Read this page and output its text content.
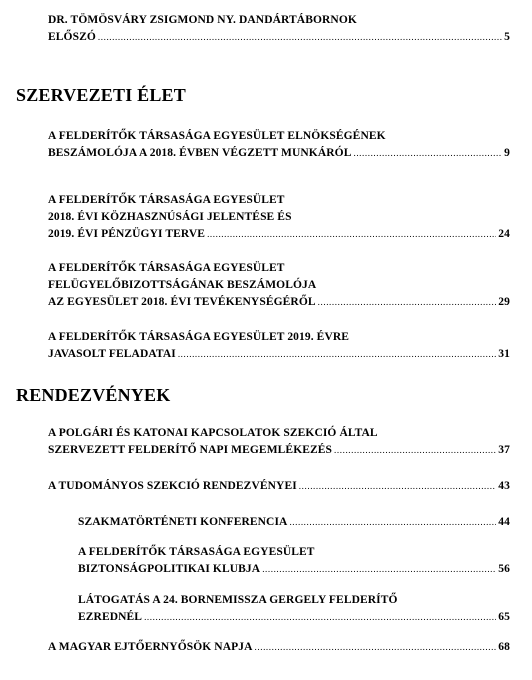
DR. TÖMÖSVÁRY ZSIGMOND NY. DANDÁRTÁBORNOK
ELŐSZÓ .....	5
SZERVEZETI ÉLET
A FELDERÍTŐK TÁRSASÁGA EGYESÜLET ELNÖKSÉGÉNEK
BESZÁMOLÓJA A 2018. ÉVBEN VÉGZETT MUNKÁRÓL .....	9
A FELDERÍTŐK TÁRSASÁGA EGYESÜLET
2018. ÉVI KÖZHASZNÚSÁGI JELENTÉSE ÉS
2019. ÉVI PÉNZÜGYI TERVE .....	24
A FELDERÍTŐK TÁRSASÁGA EGYESÜLET
FELÜGYELŐBIZOTTSÁGÁNAK BESZÁMOLÓJA
AZ EGYESÜLET 2018. ÉVI TEVÉKENYSÉGÉRŐL .....	29
A FELDERÍTŐK TÁRSASÁGA EGYESÜLET 2019. ÉVRE
JAVASOLT FELADATAI .....	31
RENDEZVÉNYEK
A POLGÁRI ÉS KATONAI KAPCSOLATOK SZEKCIÓ ÁLTAL
SZERVEZETT FELDERÍTŐ NAPI MEGEMLÉKEZÉS .....	37
A TUDOMÁNYOS SZEKCIÓ RENDEZVÉNYEI .....	43
SZAKMATÖRTÉNETI KONFERENCIA .....	44
A FELDERÍTŐK TÁRSASÁGA EGYESÜLET
BIZTONSÁGPOLITIKAI KLUBJA .....	56
LÁTOGATÁS A 24. BORNEMISSZA GERGELY FELDERÍTŐ
EZREDNÉL .....	65
A MAGYAR EJTŐERNYŐSÖK NAPJA .....	68
